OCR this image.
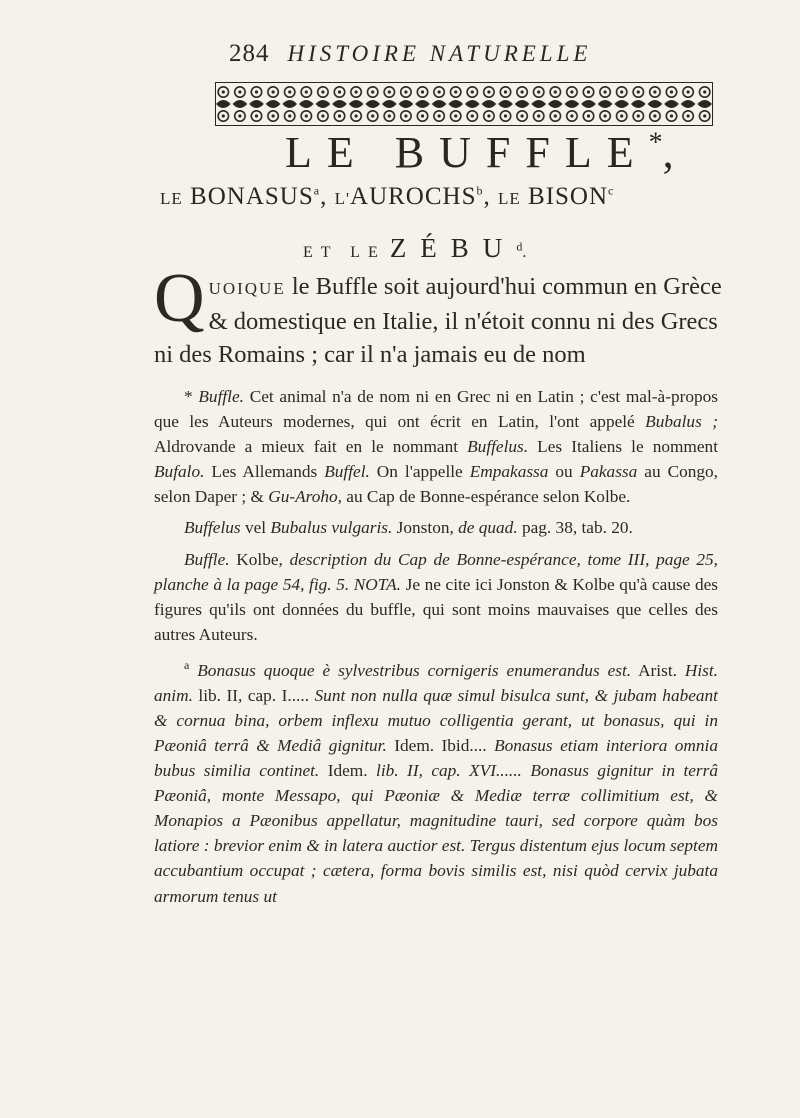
284 HISTOIRE NATURELLE
LE BUFFLE*,
LE BONASUS$^a$, L'AUROCHS$^b$, LE BISON$^c$
ET LE ZÉBU$^d$.
QUOIQUE le Buffle soit aujourd'hui commun en Grèce & domestique en Italie, il n'étoit connu ni des Grecs ni des Romains ; car il n'a jamais eu de nom

* Buffle. Cet animal n'a de nom ni en Grec ni en Latin ; c'est mal-à-propos que les Auteurs modernes, qui ont écrit en Latin, l'ont appelé Bubalus ; Aldrovande a mieux fait en le nommant Buffelus. Les Italiens le nomment Bufalo. Les Allemands Buffel. On l'appelle Empakassa ou Pakassa au Congo, selon Daper ; & Gu-Aroho, au Cap de Bonne-espérance selon Kolbe.

Buffelus vel Bubalus vulgaris. Jonston, de quad. pag. 38, tab. 20.

Buffle. Kolbe, description du Cap de Bonne-espérance, tome III, page 25, planche à la page 54, fig. 5. NOTA. Je ne cite ici Jonston & Kolbe qu'à cause des figures qu'ils ont données du buffle, qui sont moins mauvaises que celles des autres Auteurs.

$^a$ Bonasus quoque è sylvestribus cornigeris enumerandus est. Arist. Hist. anim. lib. II, cap. I..... Sunt non nulla quæ simul bisulca sunt, & jubam habeant & cornua bina, orbem inflexu mutuo colligentia gerant, ut bonasus, qui in Pæoniâ terrâ & Mediâ gignitur. Idem. Ibid.... Bonasus etiam interiora omnia bubus similia continet. Idem. lib. II, cap. XVI...... Bonasus gignitur in terrâ Pæoniâ, monte Messapo, qui Pæoniæ & Mediæ terræ collimitium est, & Monapios a Pæonibus appellatur, magnitudine tauri, sed corpore quàm bos latiore : brevior enim & in latera auctior est. Tergus distentum ejus locum septem accubantium occupat ; cætera, forma bovis similis est, nisi quòd cervix jubata armorum tenus ut
